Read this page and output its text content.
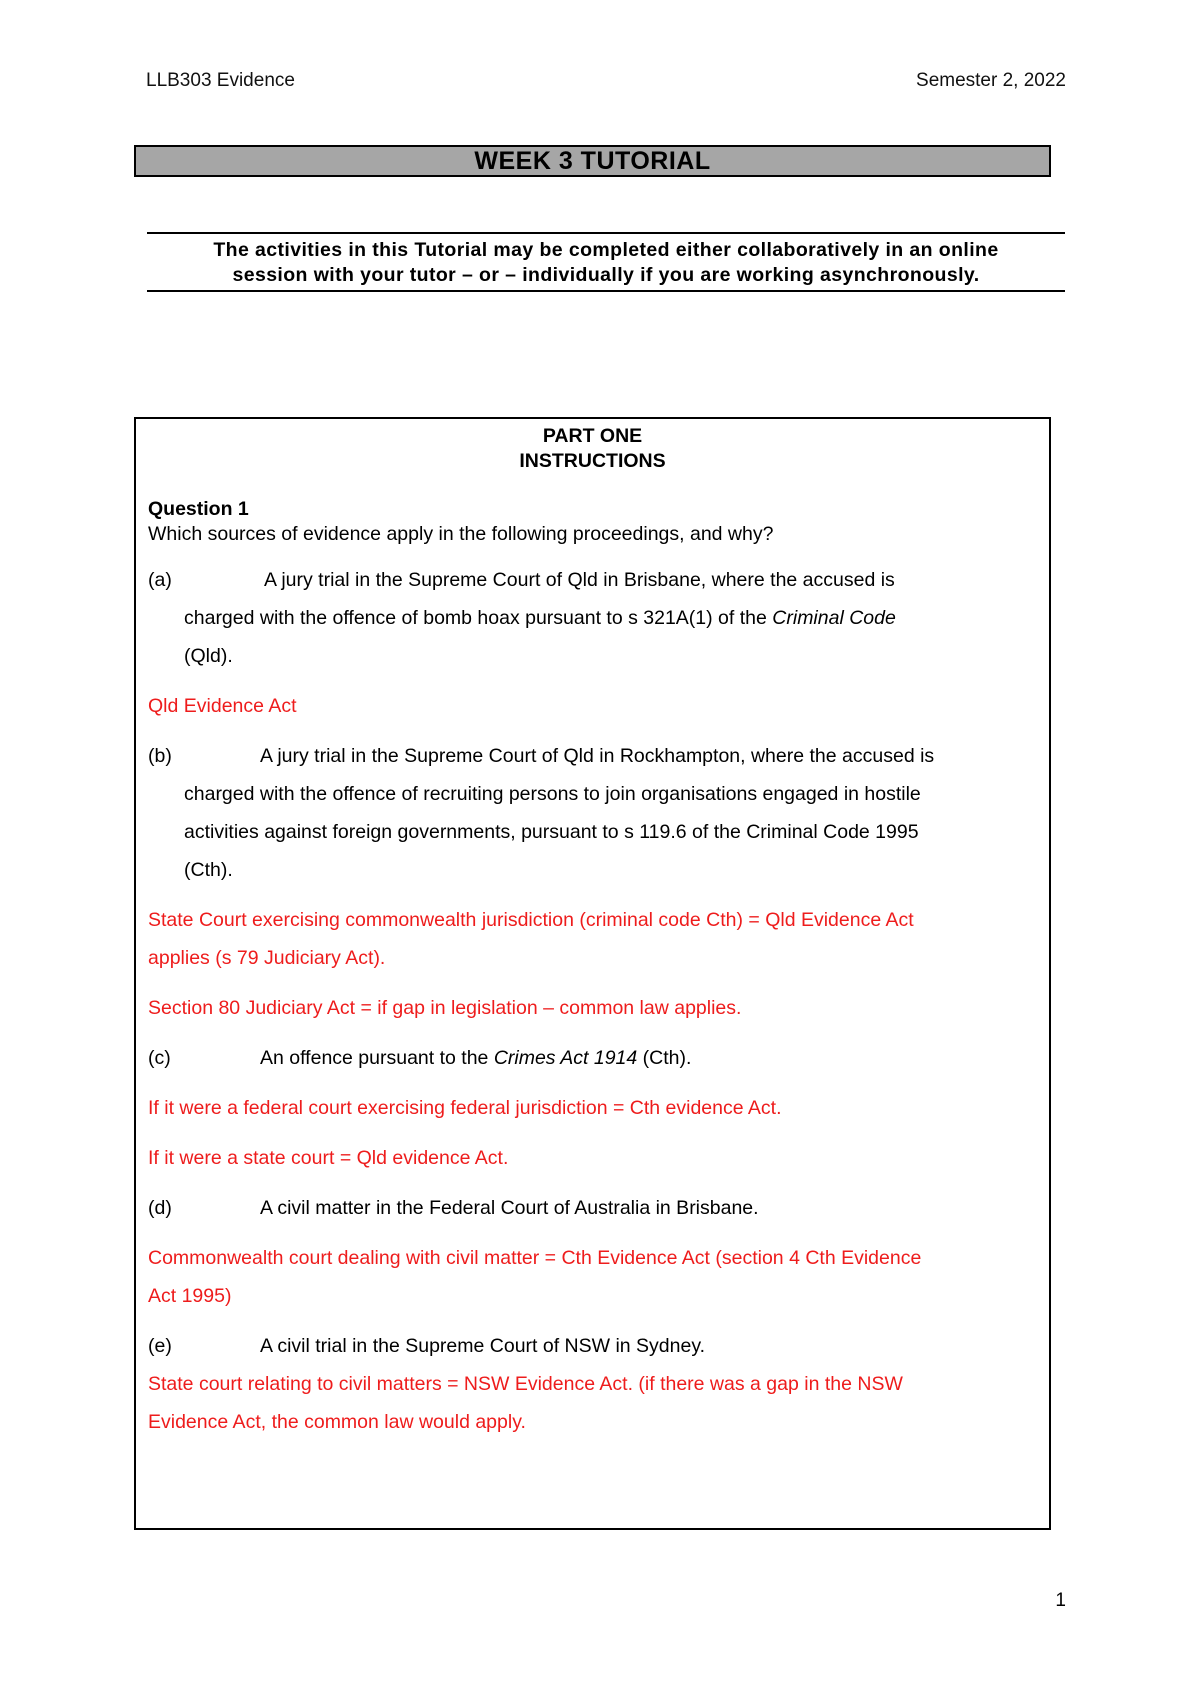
LLB303 Evidence	Semester 2, 2022
WEEK 3 TUTORIAL
The activities in this Tutorial may be completed either collaboratively in an online
session with your tutor – or – individually if you are working asynchronously.
PART ONE
INSTRUCTIONS
Question 1
Which sources of evidence apply in the following proceedings, and why?
(a)	A jury trial in the Supreme Court of Qld in Brisbane, where the accused is
charged with the offence of bomb hoax pursuant to s 321A(1) of the Criminal Code
(Qld).
Qld Evidence Act
(b)	A jury trial in the Supreme Court of Qld in Rockhampton, where the accused is
charged with the offence of recruiting persons to join organisations engaged in hostile
activities against foreign governments, pursuant to s 119.6 of the Criminal Code 1995
(Cth).
State Court exercising commonwealth jurisdiction (criminal code Cth) = Qld Evidence Act
applies (s 79 Judiciary Act).
Section 80 Judiciary Act = if gap in legislation – common law applies.
(c)	An offence pursuant to the Crimes Act 1914 (Cth).
If it were a federal court exercising federal jurisdiction = Cth evidence Act.
If it were a state court = Qld evidence Act.
(d)	A civil matter in the Federal Court of Australia in Brisbane.
Commonwealth court dealing with civil matter = Cth Evidence Act (section 4 Cth Evidence
Act 1995)
(e)	A civil trial in the Supreme Court of NSW in Sydney.
State court relating to civil matters = NSW Evidence Act. (if there was a gap in the NSW
Evidence Act, the common law would apply.
1
